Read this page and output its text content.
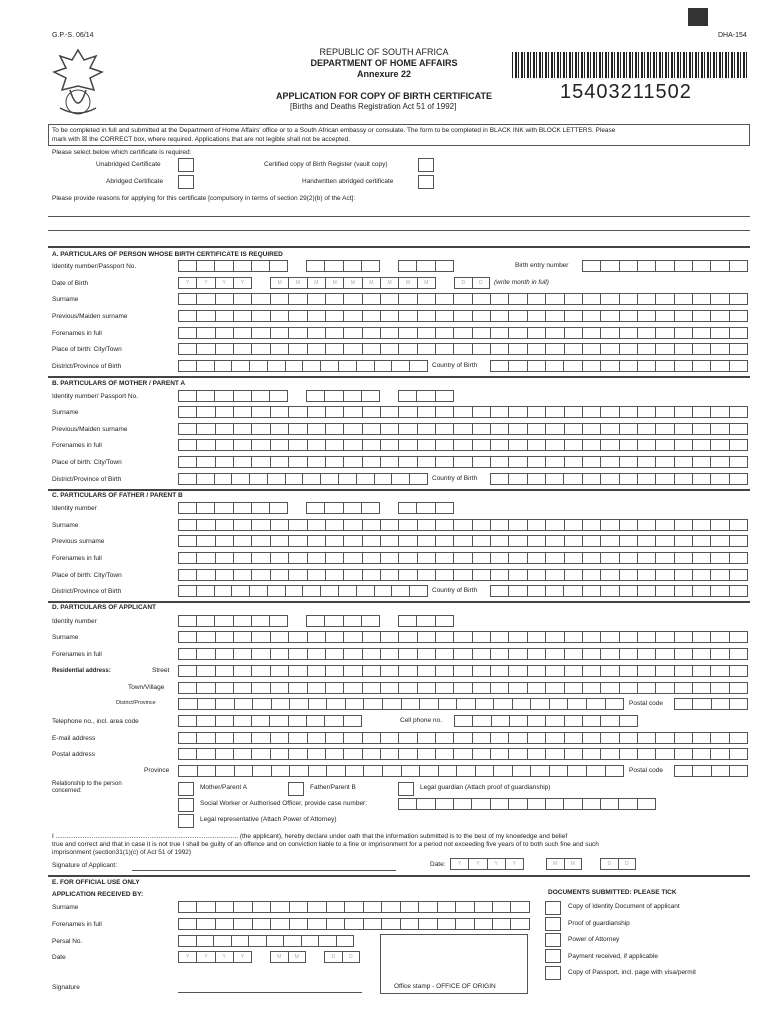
G.P.-S. 06/14	DHA-154
REPUBLIC OF SOUTH AFRICA
DEPARTMENT OF HOME AFFAIRS
Annexure 22
APPLICATION FOR COPY OF BIRTH CERTIFICATE
[Births and Deaths Registration Act 51 of 1992]
15403211502
To be completed in full and submitted at the Department of Home Affairs' office or to a South African embassy or consulate. The form to be completed in BLACK INK with BLOCK LETTERS. Please
mark with ☒ the CORRECT box, where required. Applications that are not legible shall not be accepted.
Please select below which certificate is required:
Unabridged Certificate
Abridged Certificate
Certified copy of Birth Register (vault copy)
Handwritten abridged certificate
Please provide reasons for applying for this certificate [compulsory in terms of section 29(2)(b) of the Act]:
A. PARTICULARS OF PERSON WHOSE BIRTH CERTIFICATE IS REQUIRED
Identity number/Passport No.	Birth entry number
Date of Birth	Y	Y	Y	Y	M	M	M	M	M	M	M	M	M	D	D	(write month in full)
Surname
Previous/Maiden surname
Forenames in full
Place of birth: City/Town
District/Province of Birth	Country of Birth
B. PARTICULARS OF MOTHER / PARENT A
Identity number/ Passport No.
Surname
Previous/Maiden surname
Forenames in full
Place of birth: City/Town
District/Province of Birth	Country of Birth
C. PARTICULARS OF FATHER / PARENT B
Identity number
Surname
Previous surname
Forenames in full
Place of birth: City/Town
District/Province of Birth	Country of Birth
D. PARTICULARS OF APPLICANT
Identity number
Surname
Forenames in full
Residential address:	Street
Town/Village
District/Province	Postal code
Telephone no., incl. area code	Cell phone no.
E-mail address
Postal address
Province	Postal code
Relationship to the person concerned:	Mother/Parent A	Father/Parent B	Legal guardian (Attach proof of guardianship)
Social Worker or Authorised Officer, provide case number:
Legal representative (Attach Power of Attorney)
I ..................................................................................................... (the applicant), hereby declare under oath that the information submitted is to the best of my knowledge and belief
true and correct and that in case it is not true I shall be guilty of an offence and on conviction liable to a fine or imprisonment for a period not exceeding five years of to both such fine and such
imprisonment (section31(1)(c) of Act 51 of 1992)
Signature of Applicant:	Date:	Y	Y	Y	Y	M	M	D	D
E. FOR OFFICIAL USE ONLY
APPLICATION RECEIVED BY:
Surname
Forenames in full
Persal No.
Date	Y	Y	Y	Y	M	M	D	D
Signature	Office stamp - OFFICE OF ORIGIN
DOCUMENTS SUBMITTED: PLEASE TICK
Copy of Identity Document of applicant
Proof of guardianship
Power of Attorney
Payment received, if applicable
Copy of Passport, incl. page with visa/permit
